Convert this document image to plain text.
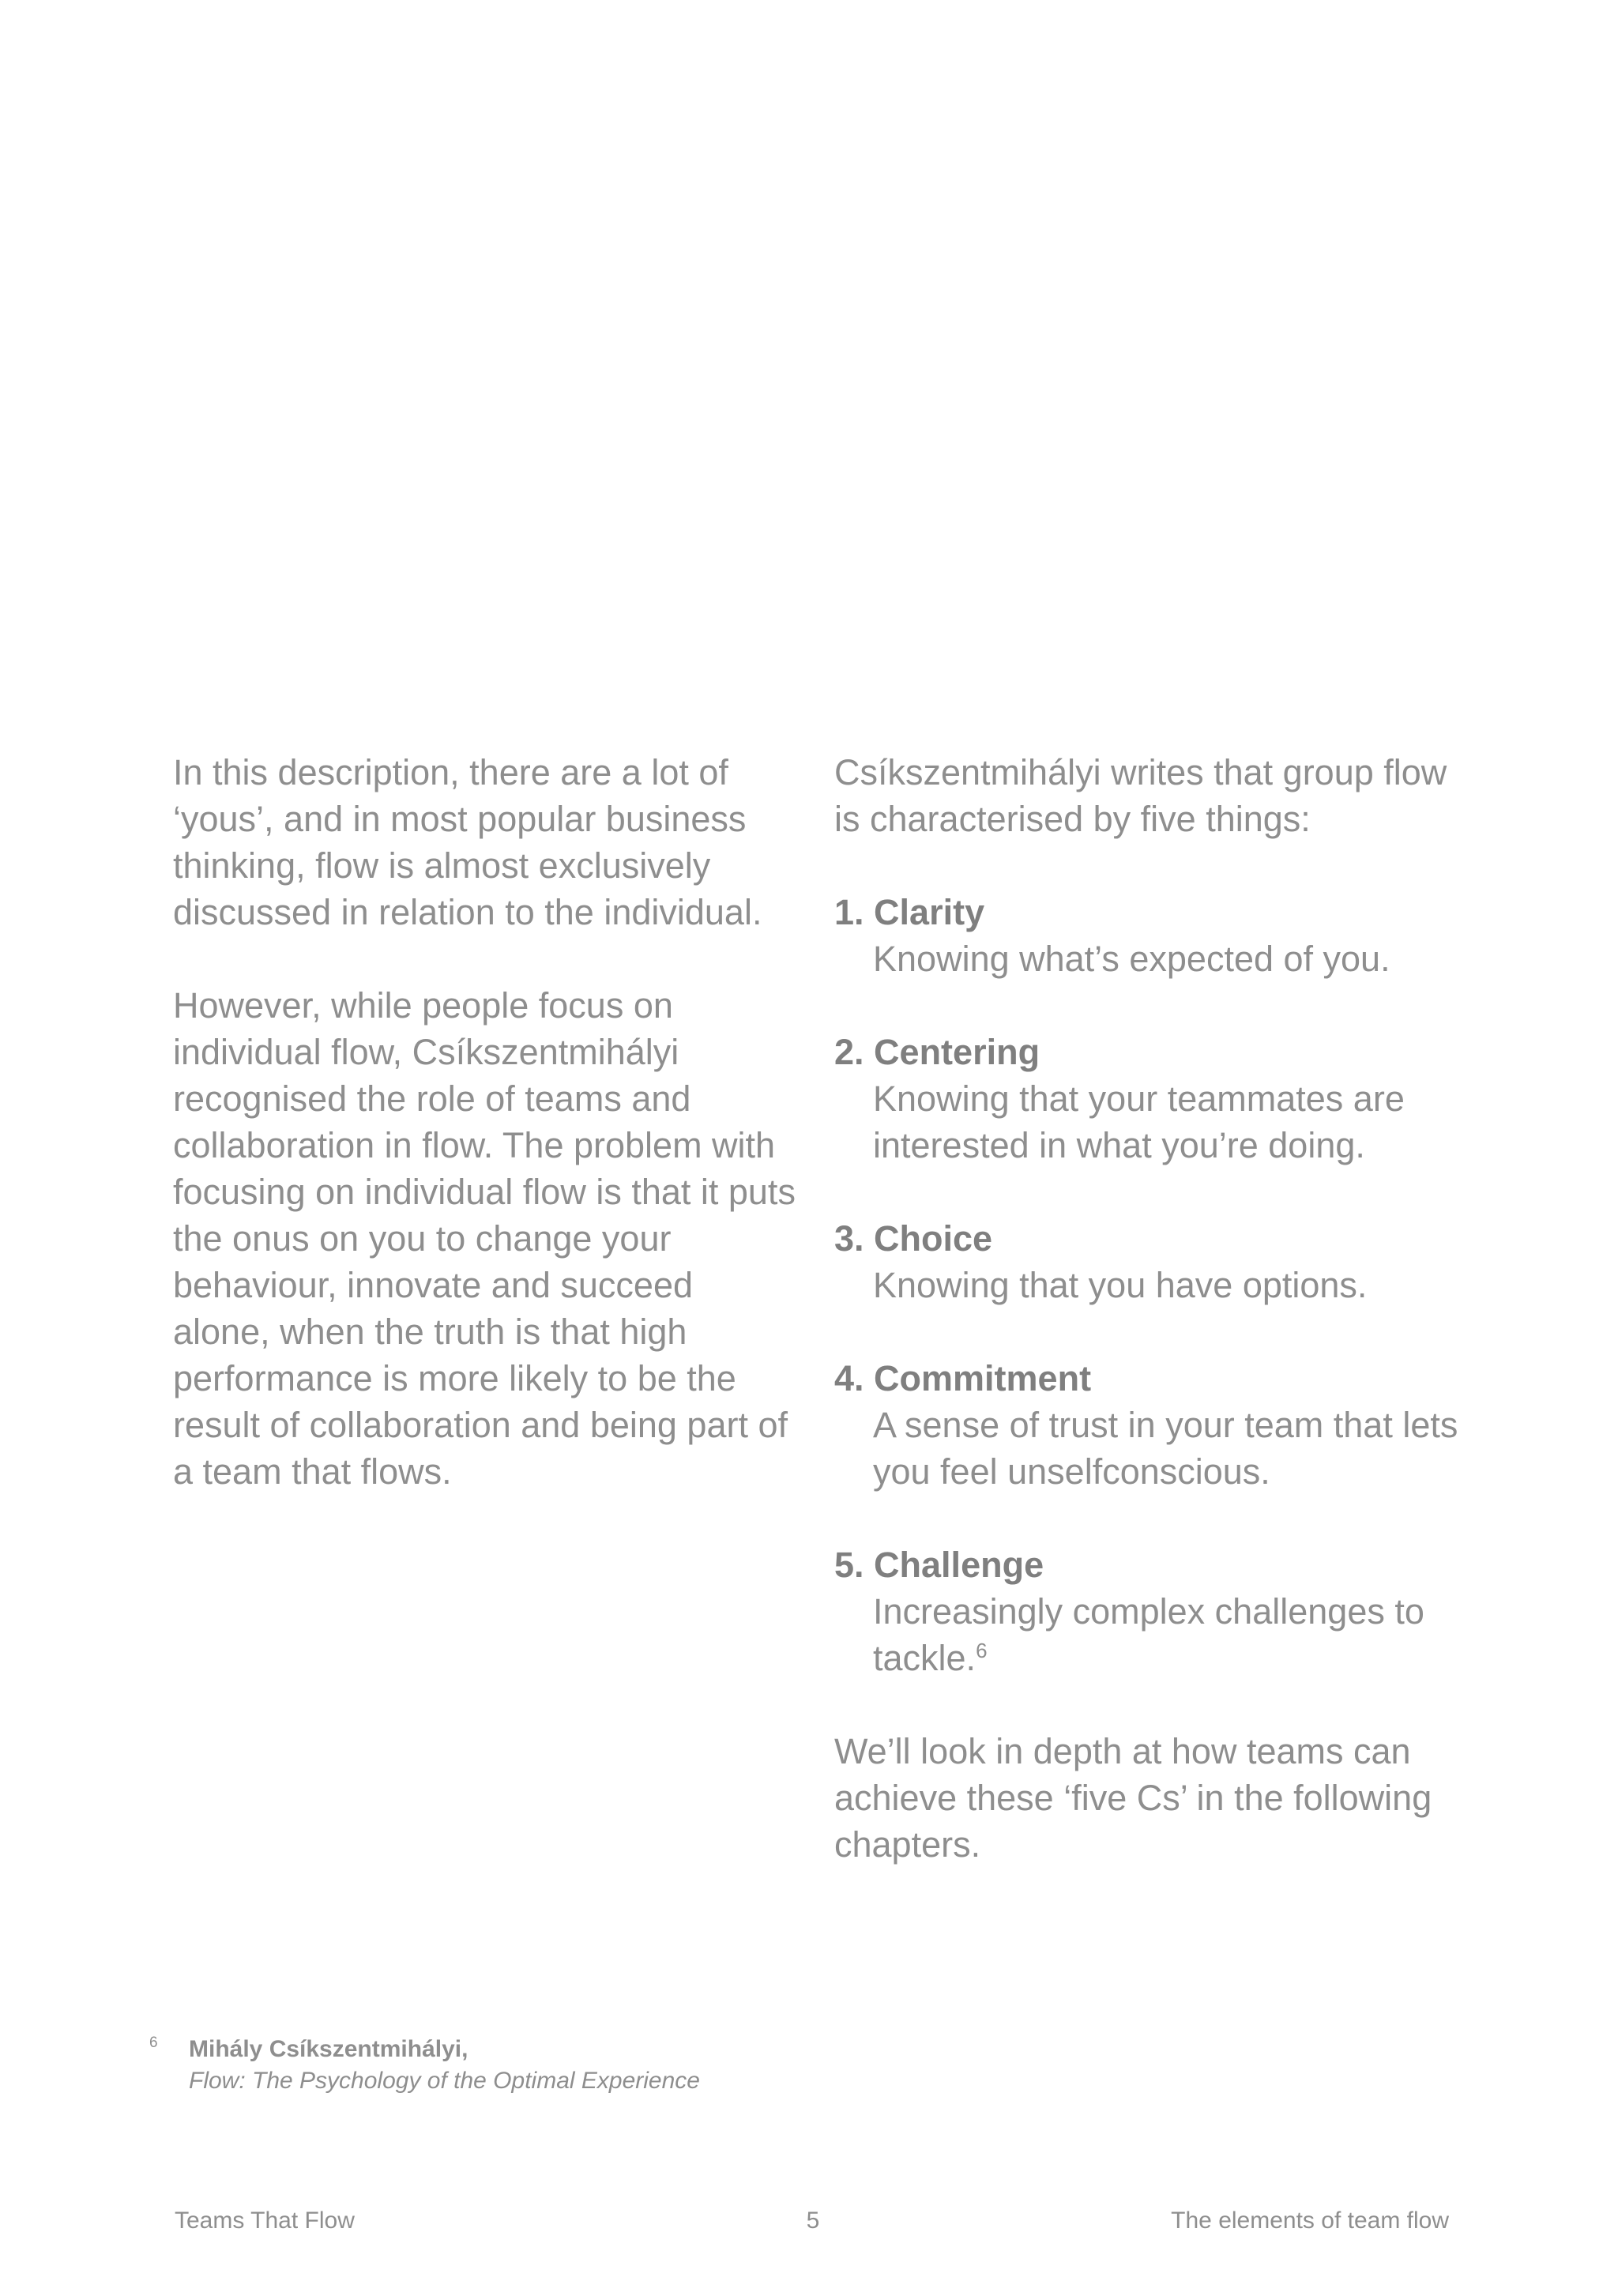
In this description, there are a lot of ‘yous’, and in most popular business thinking, flow is almost exclusively discussed in relation to the individual.

However, while people focus on individual flow, Csíkszentmihályi recognised the role of teams and collaboration in flow. The problem with focusing on individual flow is that it puts the onus on you to change your behaviour, innovate and succeed alone, when the truth is that high performance is more likely to be the result of collaboration and being part of a team that flows.

Csíkszentmihályi writes that group flow is characterised by five things:

1. Clarity
Knowing what’s expected of you.
2. Centering
Knowing that your teammates are interested in what you’re doing.
3. Choice
Knowing that you have options.
4. Commitment
A sense of trust in your team that lets you feel unselfconscious.
5. Challenge
Increasingly complex challenges to tackle.$^6$

We’ll look in depth at how teams can achieve these ‘five Cs’ in the following chapters.

6 Mihály Csíkszentmihályi,
Flow: The Psychology of the Optimal Experience
Teams That Flow	5	The elements of team flow
